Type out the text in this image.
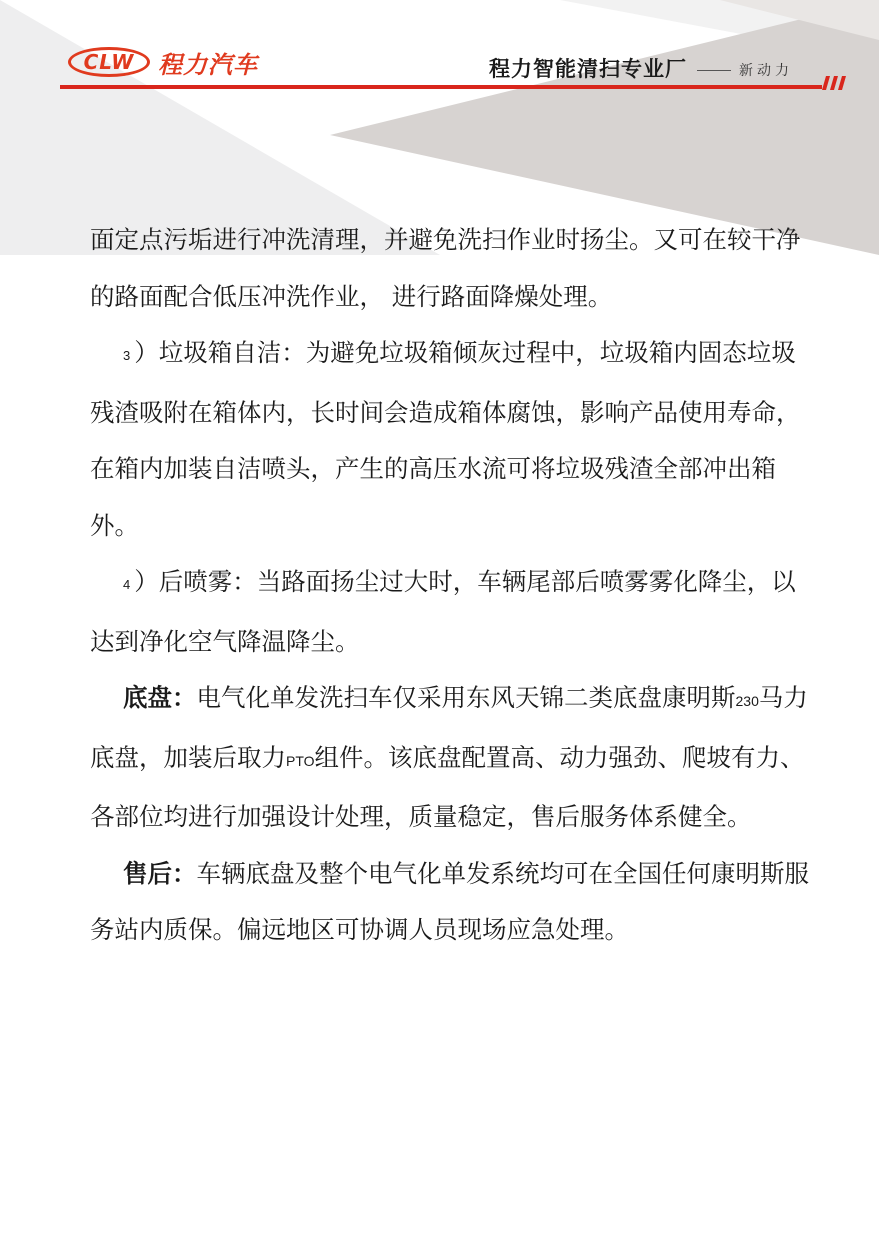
CLW 程力汽车	程力智能清扫专业厂	新动力

面定点污垢进行冲洗清理，并避免洗扫作业时扬尘。又可在较干净的路面配合低压冲洗作业， 进行路面降燥处理。

3 ）垃圾箱自洁：为避免垃圾箱倾灰过程中，垃圾箱内固态垃圾残渣吸附在箱体内，长时间会造成箱体腐蚀，影响产品使用寿命，在箱内加装自洁喷头，产生的高压水流可将垃圾残渣全部冲出箱外。

4 ）后喷雾：当路面扬尘过大时，车辆尾部后喷雾雾化降尘，以达到净化空气降温降尘。

底盘：电气化单发洗扫车仅采用东风天锦二类底盘康明斯230马力底盘，加装后取力PTO组件。该底盘配置高、动力强劲、爬坡有力、各部位均进行加强设计处理，质量稳定，售后服务体系健全。

售后：车辆底盘及整个电气化单发系统均可在全国任何康明斯服务站内质保。偏远地区可协调人员现场应急处理。
